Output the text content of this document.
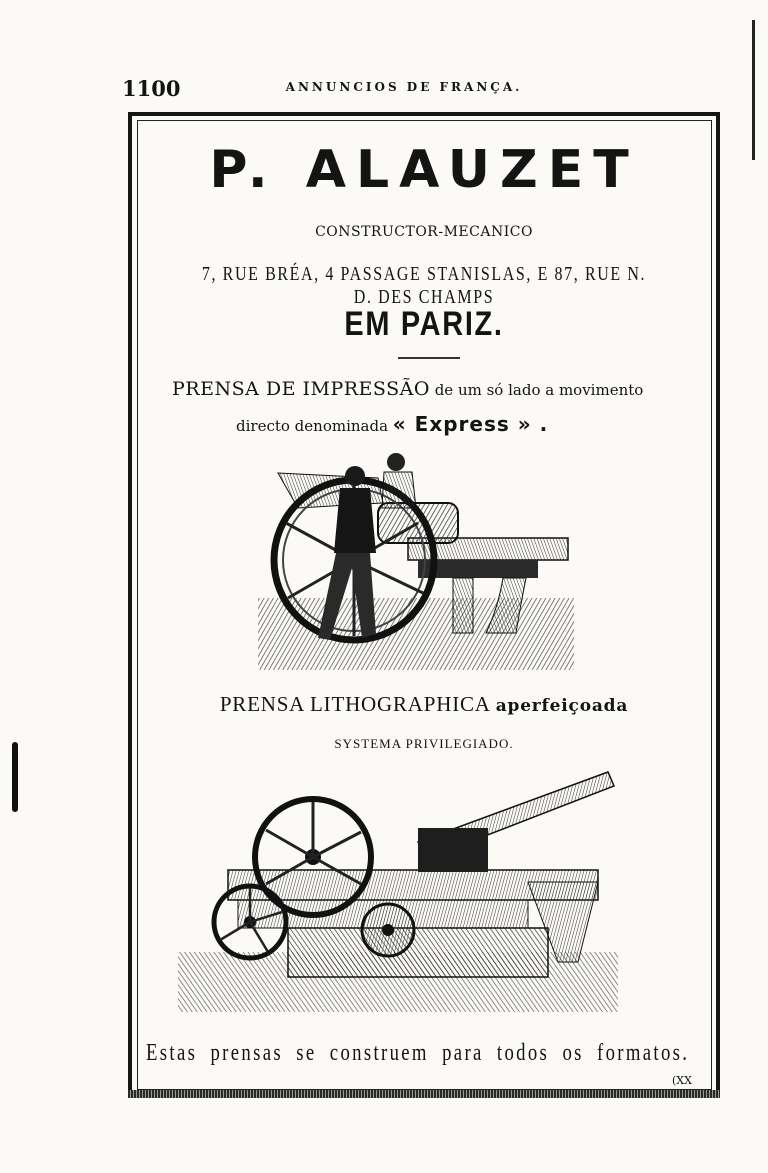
1100	ANNUNCIOS DE FRANÇA.
P. ALAUZET
CONSTRUCTOR-MECANICO
7, RUE BRÉA, 4 PASSAGE STANISLAS, E 87, RUE N. D. DES CHAMPS
EM PARIZ.
PRENSA DE IMPRESSÃO de um só lado a movimento
directo denominada « Express » .
PRENSA LITHOGRAPHICA aperfeiçoada
SYSTEMA PRIVILEGIADO.
Estas prensas se construem para todos os formatos.
(XX
